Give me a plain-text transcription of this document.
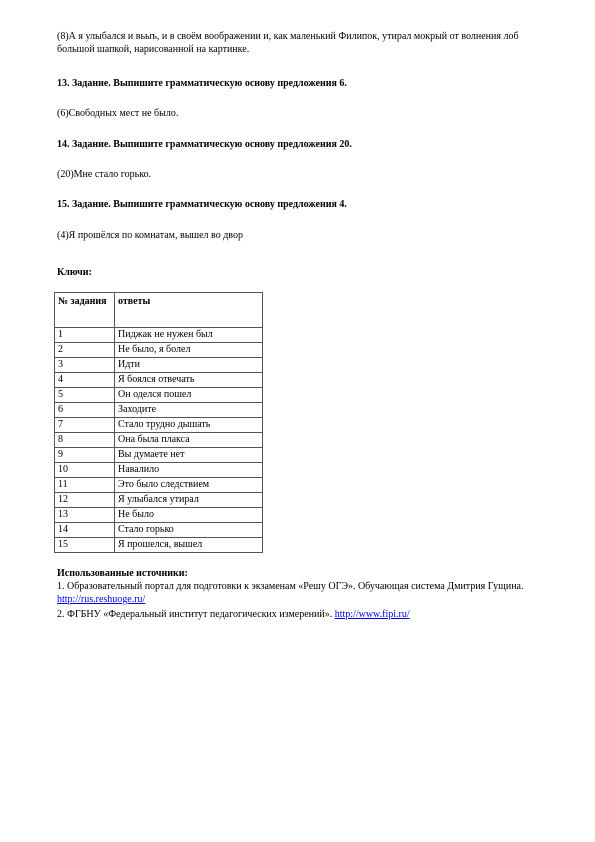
(8)А я улыбался и вьыъ, и в своём воображении и, как маленький Филипок, утирал мокрый от волнения лоб большой шапкой, нарисованной на картинке.

13. Задание. Выпишите грамматическую основу предложения 6.

(6)Свободных мест не было.

14. Задание. Выпишите грамматическую основу предложения 20.

(20)Мне стало горько.

15. Задание. Выпишите грамматическую основу предложения 4.

(4)Я прошёлся по комнатам, вышел во двор

Ключи:

№ задания	ответы
1	Пиджак не нужен был
2	Не было, я болел
3	Идти
4	Я боялся отвечать
5	Он оделся пошел
6	Заходите
7	Стало трудно дышать
8	Она была плакса
9	Вы думаете нет
10	Навалило
11	Это было следствием
12	Я улыбался утирал
13	Не было
14	Стало горько
15	Я прошелся, вышел

Использованные источники:

1. Образовательный портал для подготовки к экзаменам «Решу ОГЭ». Обучающая система Дмитрия Гущина. http://rus.reshuoge.ru/

2. ФГБНУ «Федеральный институт педагогических измерений». http://www.fipi.ru/
